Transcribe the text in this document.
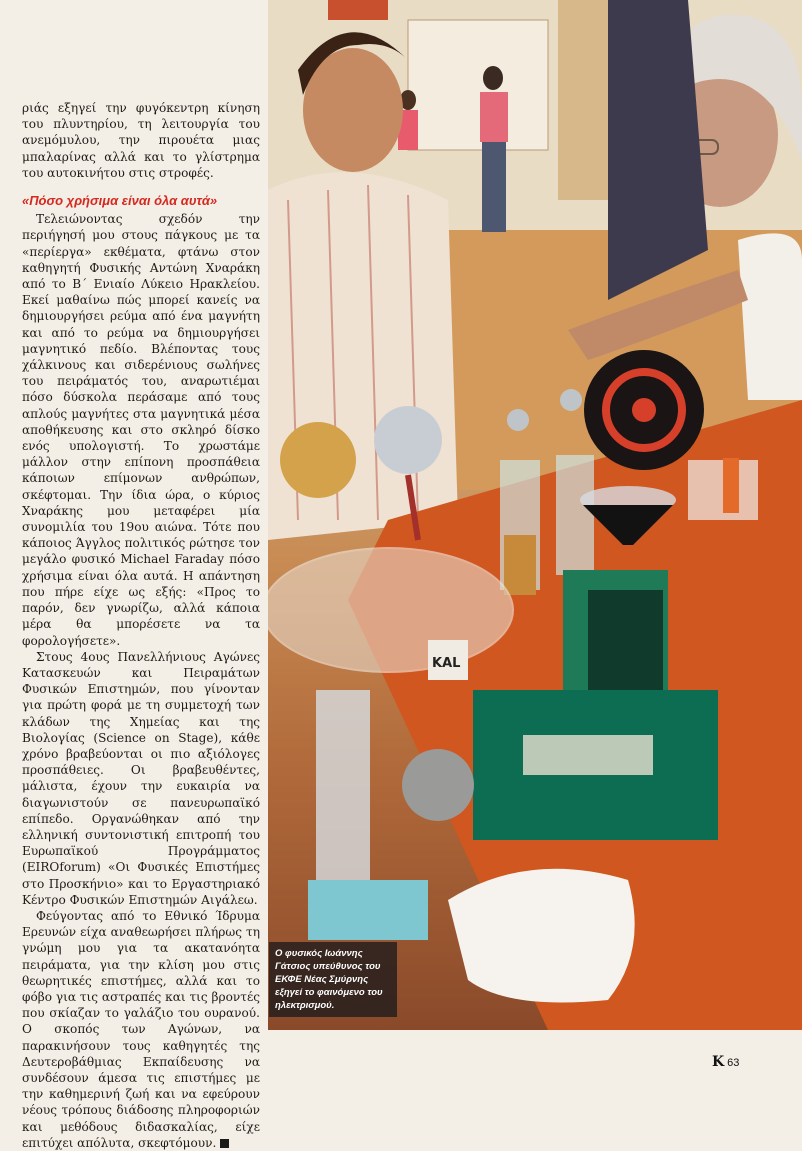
ριάς εξηγεί την φυγόκεντρη κίνηση του πλυντηρίου, τη λειτουργία του ανεμόμυλου, την πιρουέτα μιας μπαλαρίνας αλλά και το γλίστρημα του αυτοκινήτου στις στροφές.

«Πόσο χρήσιμα είναι όλα αυτά»

Τελειώνοντας σχεδόν την περιήγησή μου στους πάγκους με τα «περίεργα» εκθέματα, φτάνω στον καθηγητή Φυσικής Αντώνη Χναράκη από το Β΄ Ενιαίο Λύκειο Ηρακλείου. Εκεί μαθαίνω πώς μπορεί κανείς να δημιουργήσει ρεύμα από ένα μαγνήτη και από το ρεύμα να δημιουργήσει μαγνητικό πεδίο. Βλέποντας τους χάλκινους και σιδερένιους σωλήνες του πειράματός του, αναρωτιέμαι πόσο δύσκολα περάσαμε από τους απλούς μαγνήτες στα μαγνητικά μέσα αποθήκευσης και στο σκληρό δίσκο ενός υπολογιστή. Το χρωστάμε μάλλον στην επίπονη προσπάθεια κάποιων επίμονων ανθρώπων, σκέφτομαι. Την ίδια ώρα, ο κύριος Χναράκης μου μεταφέρει μία συνομιλία του 19ου αιώνα. Τότε που κάποιος Άγγλος πολιτικός ρώτησε τον μεγάλο φυσικό Michael Faraday πόσο χρήσιμα είναι όλα αυτά. Η απάντηση που πήρε είχε ως εξής: «Προς το παρόν, δεν γνωρίζω, αλλά κάποια μέρα θα μπορέσετε να τα φορολογήσετε».

Στους 4ους Πανελλήνιους Αγώνες Κατασκευών και Πειραμάτων Φυσικών Επιστημών, που γίνονταν για πρώτη φορά με τη συμμετοχή των κλάδων της Χημείας και της Βιολογίας (Science on Stage), κάθε χρόνο βραβεύονται οι πιο αξιόλογες προσπάθειες. Οι βραβευθέντες, μάλιστα, έχουν την ευκαιρία να διαγωνιστούν σε πανευρωπαϊκό επίπεδο. Οργανώθηκαν από την ελληνική συντονιστική επιτροπή του Ευρωπαϊκού Προγράμματος (EIROforum) «Οι Φυσικές Επιστήμες στο Προσκήνιο» και το Εργαστηριακό Κέντρο Φυσικών Επιστημών Αιγάλεω.

Φεύγοντας από το Εθνικό Ίδρυμα Ερευνών είχα αναθεωρήσει πλήρως τη γνώμη μου για τα ακατανόητα πειράματα, για την κλίση μου στις θεωρητικές επιστήμες, αλλά και το φόβο για τις αστραπές και τις βροντές που σκίαζαν το γαλάζιο του ουρανού. Ο σκοπός των Αγώνων, να παρακινήσουν τους καθηγητές της Δευτεροβάθμιας Εκπαίδευσης να συνδέσουν άμεσα τις επιστήμες με την καθημερινή ζωή και να εφεύρουν νέους τρόπους διάδοσης πληροφοριών και μεθόδους διδασκαλίας, είχε επιτύχει απόλυτα, σκεφτόμουν.

KAL
Ο φυσικός Ιωάννης Γάτσιος υπεύθυνος του ΕΚΦΕ Νέας Σμύρνης εξηγεί το φαινόμενο του ηλεκτρισμού.
Κ 63
